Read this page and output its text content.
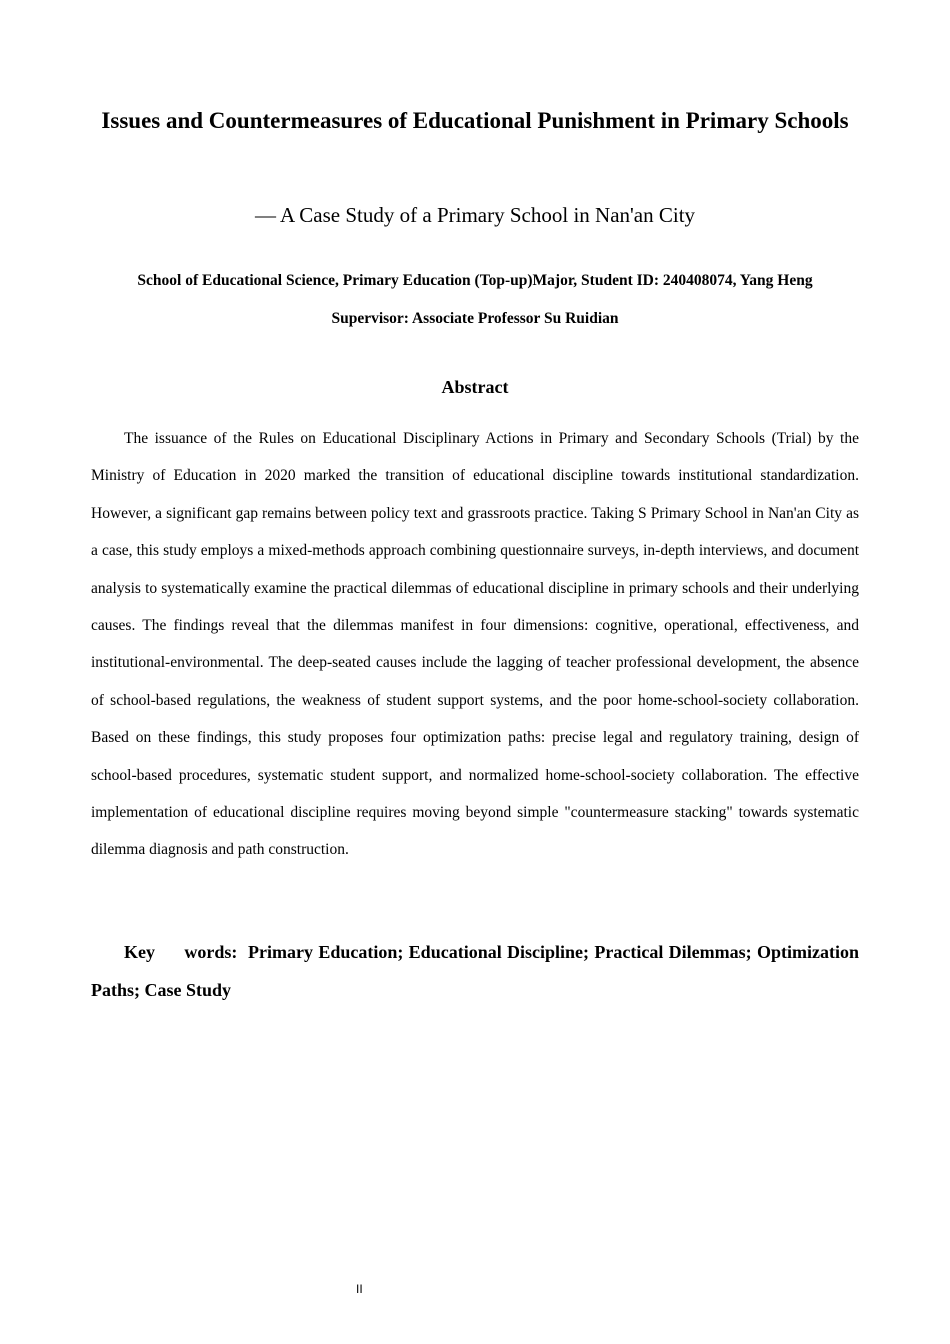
Issues and Countermeasures of Educational Punishment in Primary Schools

— A Case Study of a Primary School in Nan'an City

School of Educational Science, Primary Education (Top-up)Major, Student ID: 240408074, Yang Heng
Supervisor: Associate Professor Su Ruidian
Abstract

The issuance of the Rules on Educational Disciplinary Actions in Primary and Secondary Schools (Trial) by the Ministry of Education in 2020 marked the transition of educational discipline towards institutional standardization. However, a significant gap remains between policy text and grassroots practice. Taking S Primary School in Nan'an City as a case, this study employs a mixed-methods approach combining questionnaire surveys, in-depth interviews, and document analysis to systematically examine the practical dilemmas of educational discipline in primary schools and their underlying causes. The findings reveal that the dilemmas manifest in four dimensions: cognitive, operational, effectiveness, and institutional-environmental. The deep-seated causes include the lagging of teacher professional development, the absence of school-based regulations, the weakness of student support systems, and the poor home-school-society collaboration. Based on these findings, this study proposes four optimization paths: precise legal and regulatory training, design of school-based procedures, systematic student support, and normalized home-school-society collaboration. The effective implementation of educational discipline requires moving beyond simple "countermeasure stacking" towards systematic dilemma diagnosis and path construction.

Key words: Primary Education; Educational Discipline; Practical Dilemmas; Optimization Paths; Case Study

II
